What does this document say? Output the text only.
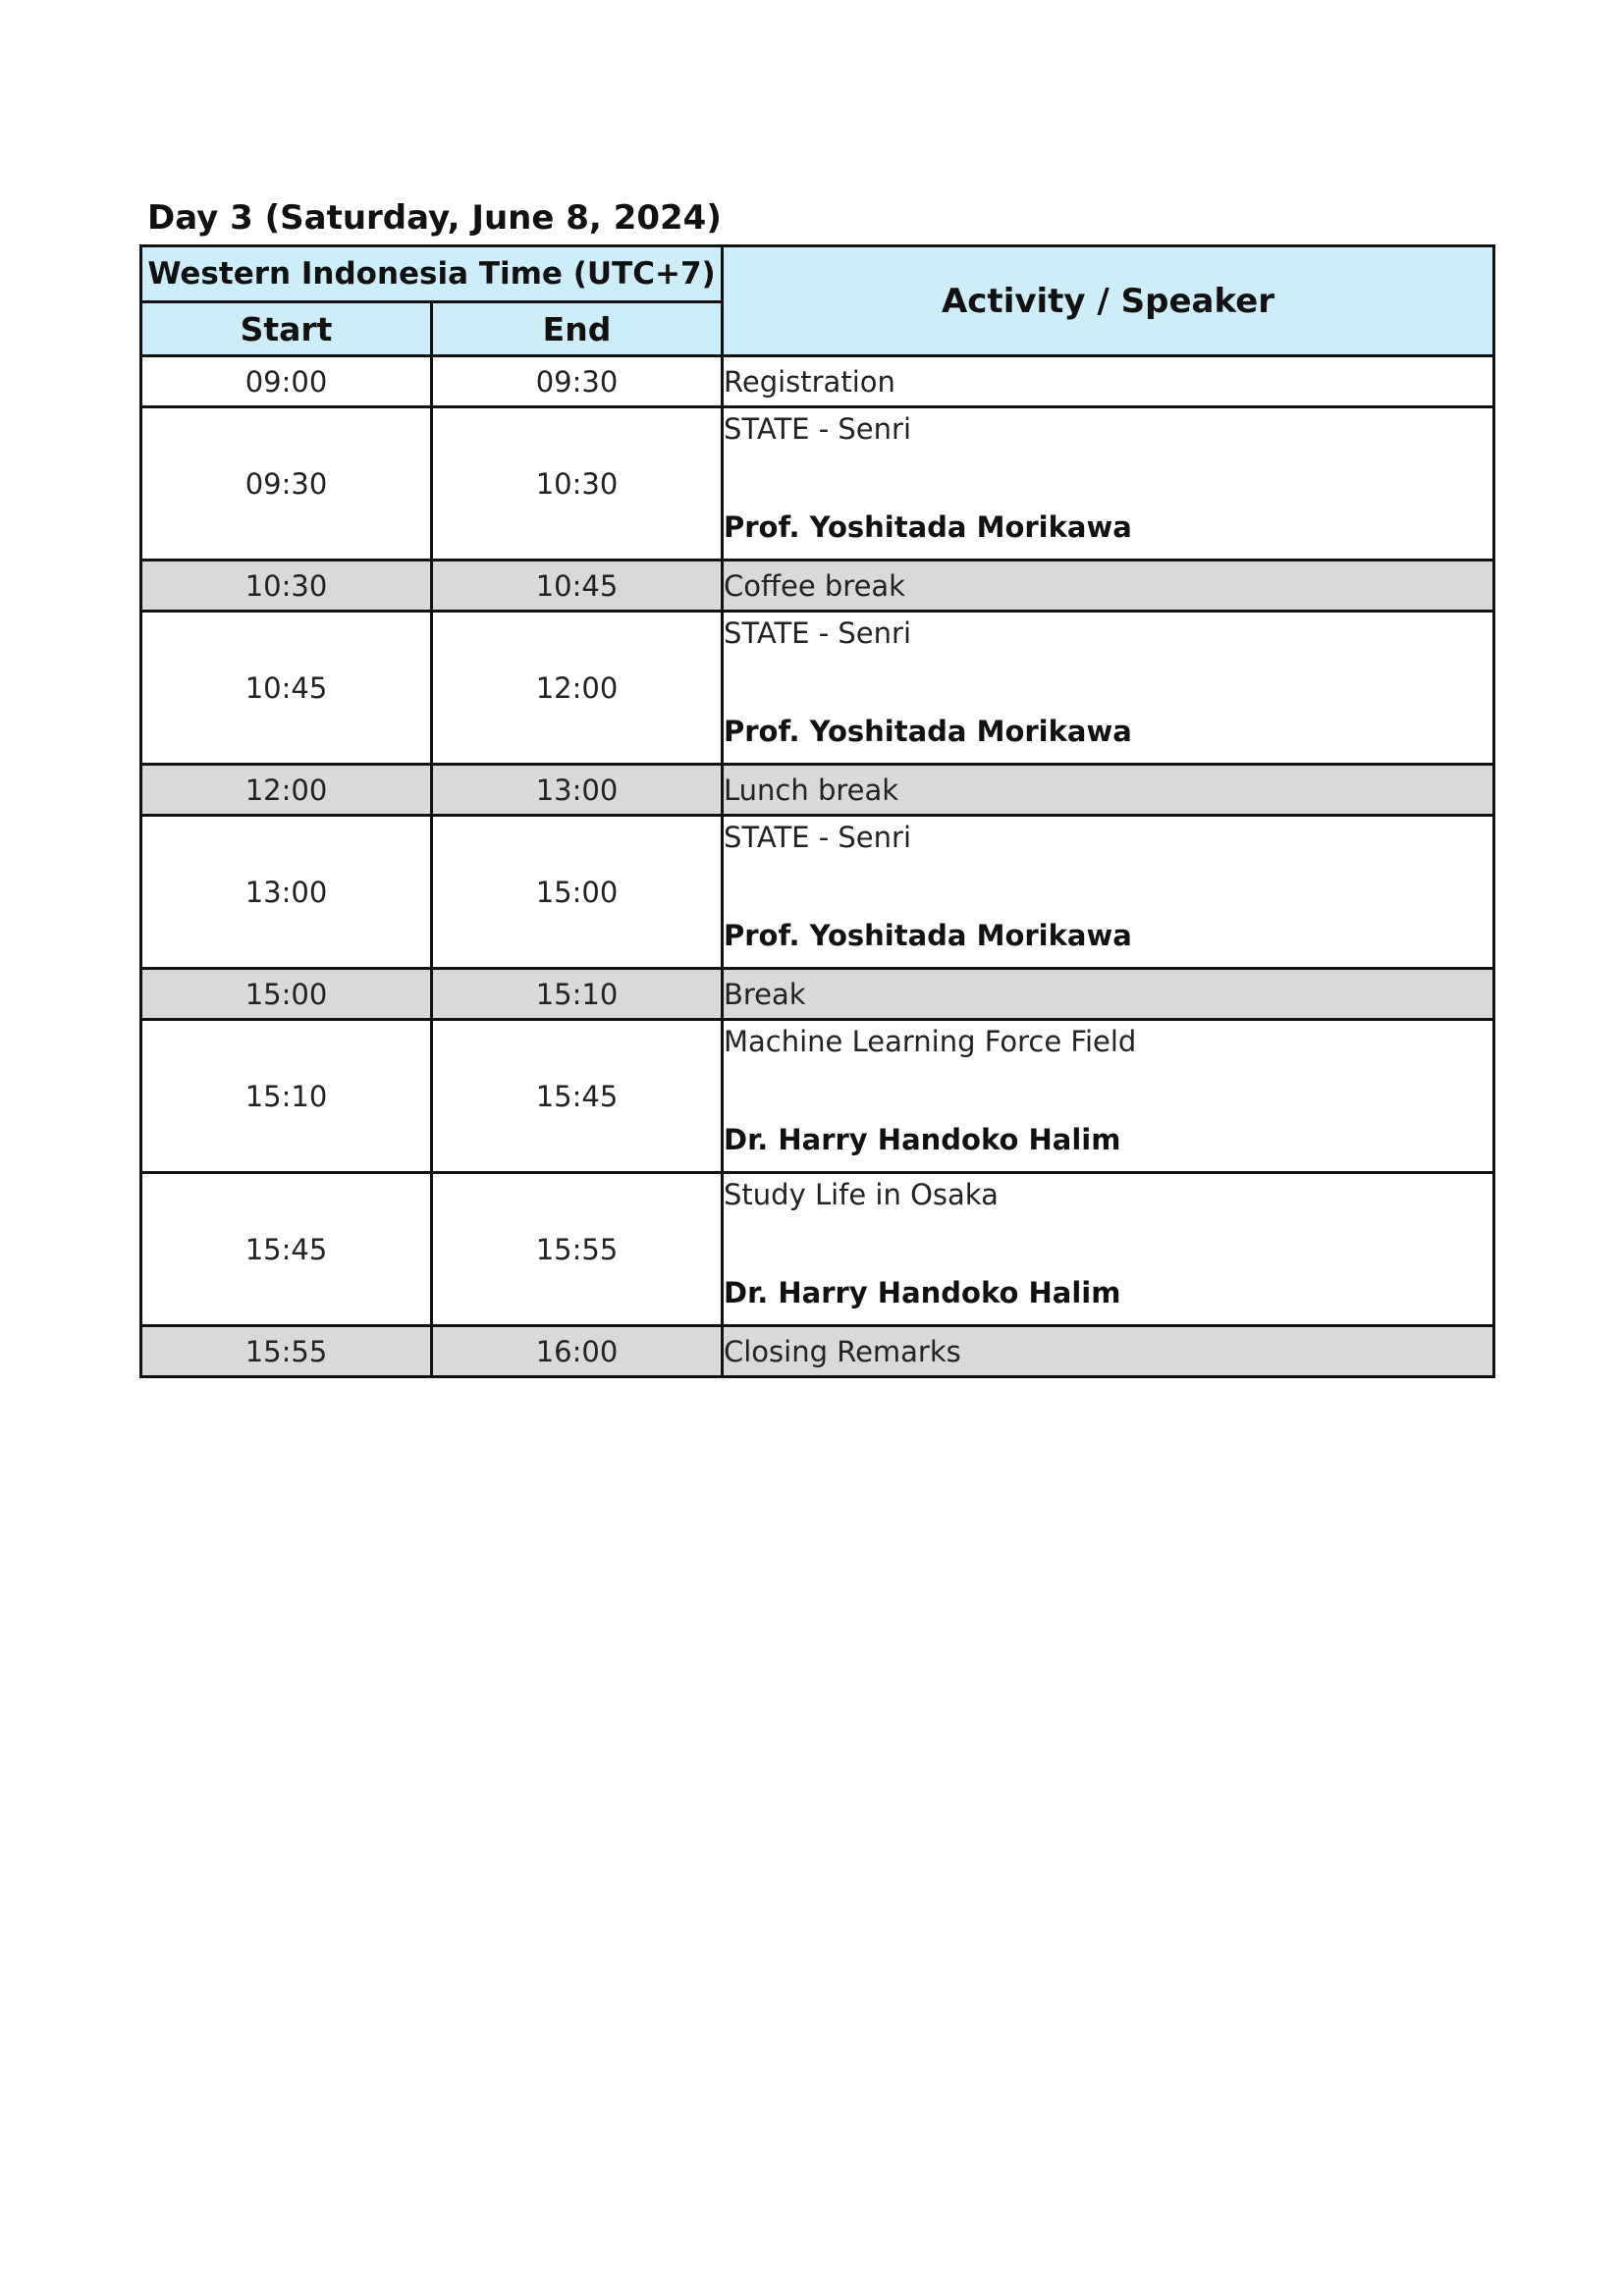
Day 3 (Saturday, June 8, 2024)
Western Indonesia Time (UTC+7)		Activity / Speaker
Start	End	
09:00	09:30	Registration

09:30	10:30	STATE - Senri
Prof. Yoshitada Morikawa

10:30	10:45	Coffee break

10:45	12:00	STATE - Senri
Prof. Yoshitada Morikawa

12:00	13:00	Lunch break

13:00	15:00	STATE - Senri
Prof. Yoshitada Morikawa

15:00	15:10	Break

15:10	15:45	Machine Learning Force Field
Dr. Harry Handoko Halim

15:45	15:55	Study Life in Osaka
Dr. Harry Handoko Halim

15:55	16:00	Closing Remarks
